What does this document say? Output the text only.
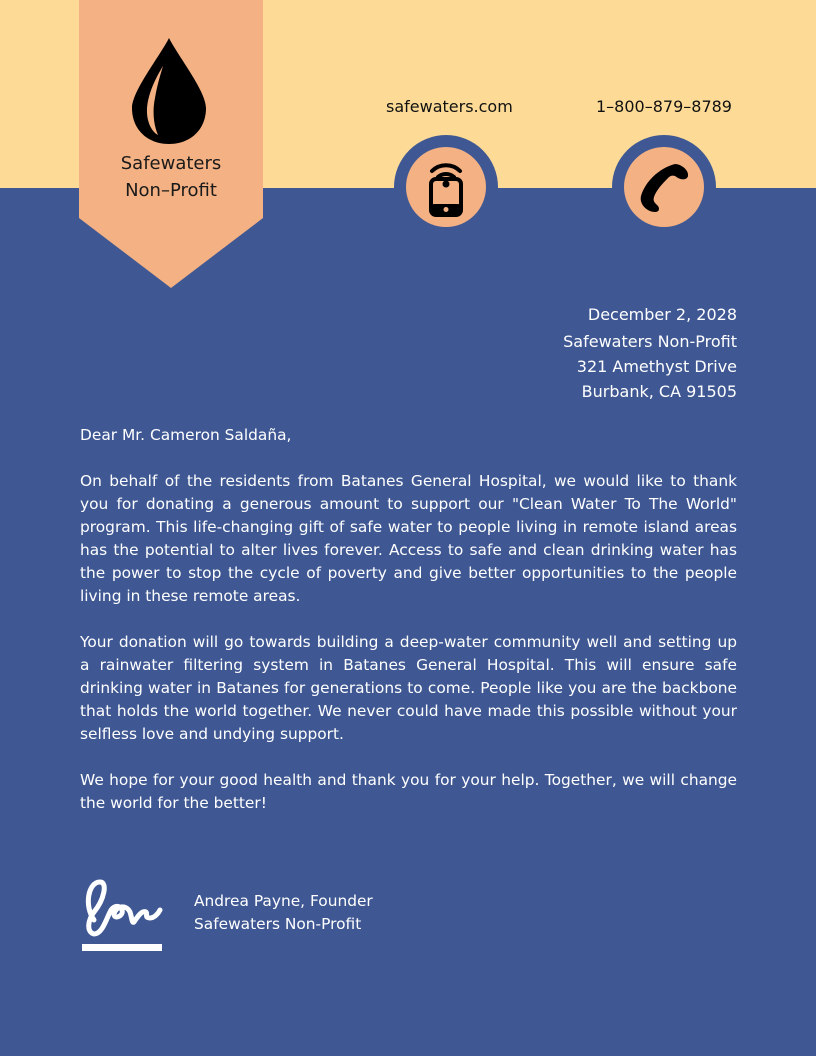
Safewaters
Non–Profit
safewaters.com	1–800–879–8789
December 2, 2028
Safewaters Non-Profit
321 Amethyst Drive
Burbank, CA 91505

Dear Mr. Cameron Saldaña,

On behalf of the residents from Batanes General Hospital, we would like to thank you for donating a generous amount to support our "Clean Water To The World" program. This life-changing gift of safe water to people living in remote island areas has the potential to alter lives forever. Access to safe and clean drinking water has the power to stop the cycle of poverty and give better opportunities to the people living in these remote areas.

Your donation will go towards building a deep-water community well and setting up a rainwater filtering system in Batanes General Hospital. This will ensure safe drinking water in Batanes for generations to come. People like you are the backbone that holds the world together. We never could have made this possible without your selfless love and undying support.

We hope for your good health and thank you for your help. Together, we will change the world for the better!

Andrea Payne, Founder
Safewaters Non-Profit
